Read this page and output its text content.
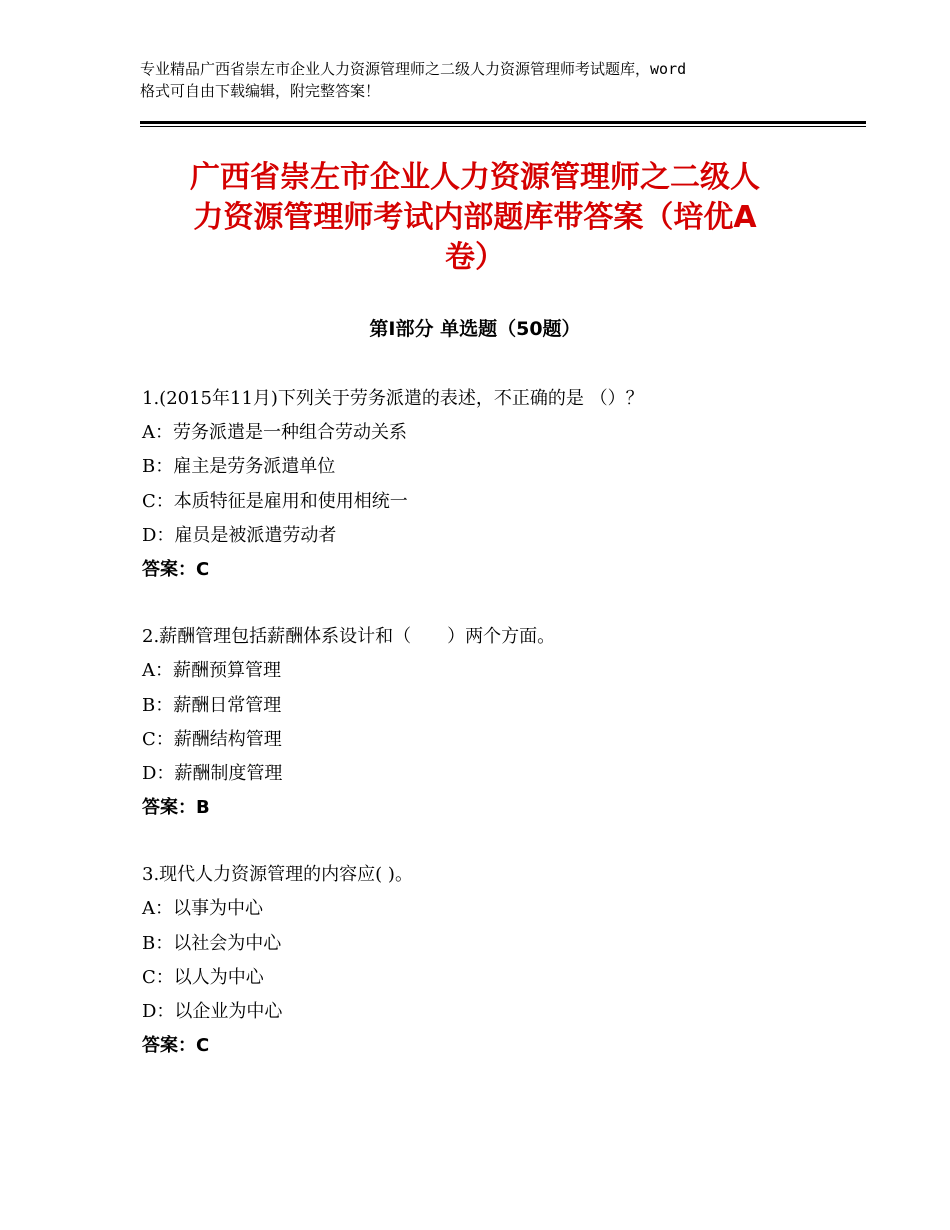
专业精品广西省崇左市企业人力资源管理师之二级人力资源管理师考试题库，word
格式可自由下载编辑，附完整答案！
广西省崇左市企业人力资源管理师之二级人
力资源管理师考试内部题库带答案（培优A
卷）
第Ⅰ部分 单选题（50题）
1.(2015年11月)下列关于劳务派遣的表述，不正确的是 （）？
A：劳务派遣是一种组合劳动关系
B：雇主是劳务派遣单位
C：本质特征是雇用和使用相统一
D：雇员是被派遣劳动者
答案：C
2.薪酬管理包括薪酬体系设计和（　　）两个方面。
A：薪酬预算管理
B：薪酬日常管理
C：薪酬结构管理
D：薪酬制度管理
答案：B
3.现代人力资源管理的内容应( )。
A：以事为中心
B：以社会为中心
C：以人为中心
D：以企业为中心
答案：C
